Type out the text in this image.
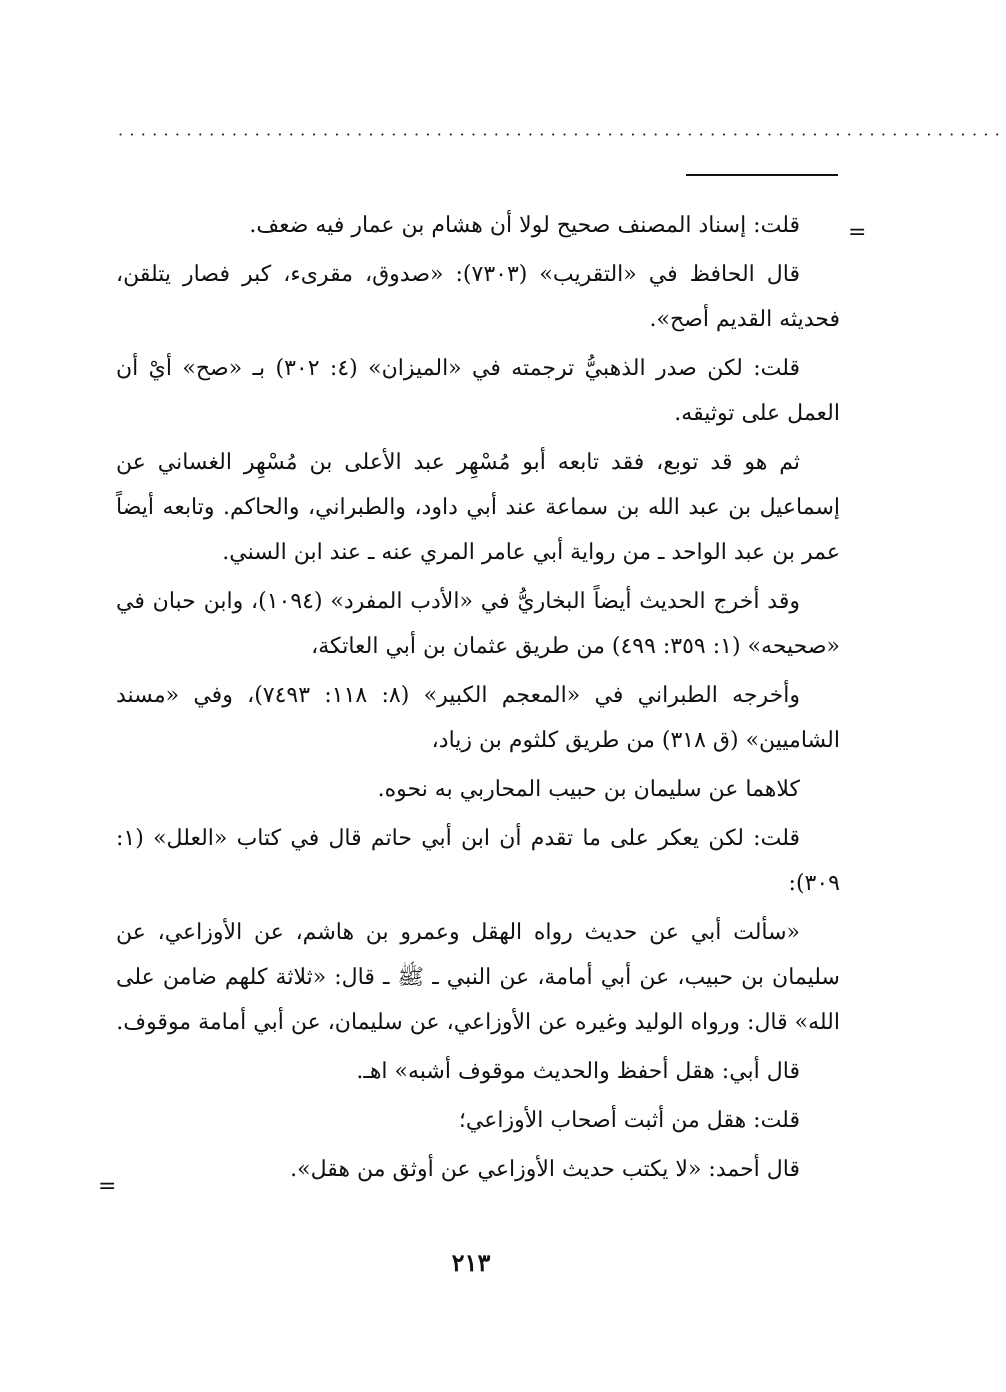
··············································································
=

قلت: إسناد المصنف صحيح لولا أن هشام بن عمار فيه ضعف.

قال الحافظ في «التقريب» (٧٣٠٣): «صدوق، مقرىء، كبر فصار يتلقن، فحديثه القديم أصح».

قلت: لكن صدر الذهبيُّ ترجمته في «الميزان» (٤: ٣٠٢) بـ «صح» أيْ أن العمل على توثيقه.

ثم هو قد توبع، فقد تابعه أبو مُسْهِر عبد الأعلى بن مُسْهِر الغساني عن إسماعيل بن عبد الله بن سماعة عند أبي داود، والطبراني، والحاكم. وتابعه أيضاً عمر بن عبد الواحد ـ من رواية أبي عامر المري عنه ـ عند ابن السني.

وقد أخرج الحديث أيضاً البخاريُّ في «الأدب المفرد» (١٠٩٤)، وابن حبان في «صحيحه» (١: ٣٥٩: ٤٩٩) من طريق عثمان بن أبي العاتكة،

وأخرجه الطبراني في «المعجم الكبير» (٨: ١١٨: ٧٤٩٣)، وفي «مسند الشاميين» (ق ٣١٨) من طريق كلثوم بن زياد،

كلاهما عن سليمان بن حبيب المحاربي به نحوه.

قلت: لكن يعكر على ما تقدم أن ابن أبي حاتم قال في كتاب «العلل» (١: ٣٠٩):

«سألت أبي عن حديث رواه الهقل وعمرو بن هاشم، عن الأوزاعي، عن سليمان بن حبيب، عن أبي أمامة، عن النبي ـ ﷺ ـ قال: «ثلاثة كلهم ضامن على الله» قال: ورواه الوليد وغيره عن الأوزاعي، عن سليمان، عن أبي أمامة موقوف.

قال أبي: هقل أحفظ والحديث موقوف أشبه» اهـ.

قلت: هقل من أثبت أصحاب الأوزاعي؛

قال أحمد: «لا يكتب حديث الأوزاعي عن أوثق من هقل».

=
٢١٣
